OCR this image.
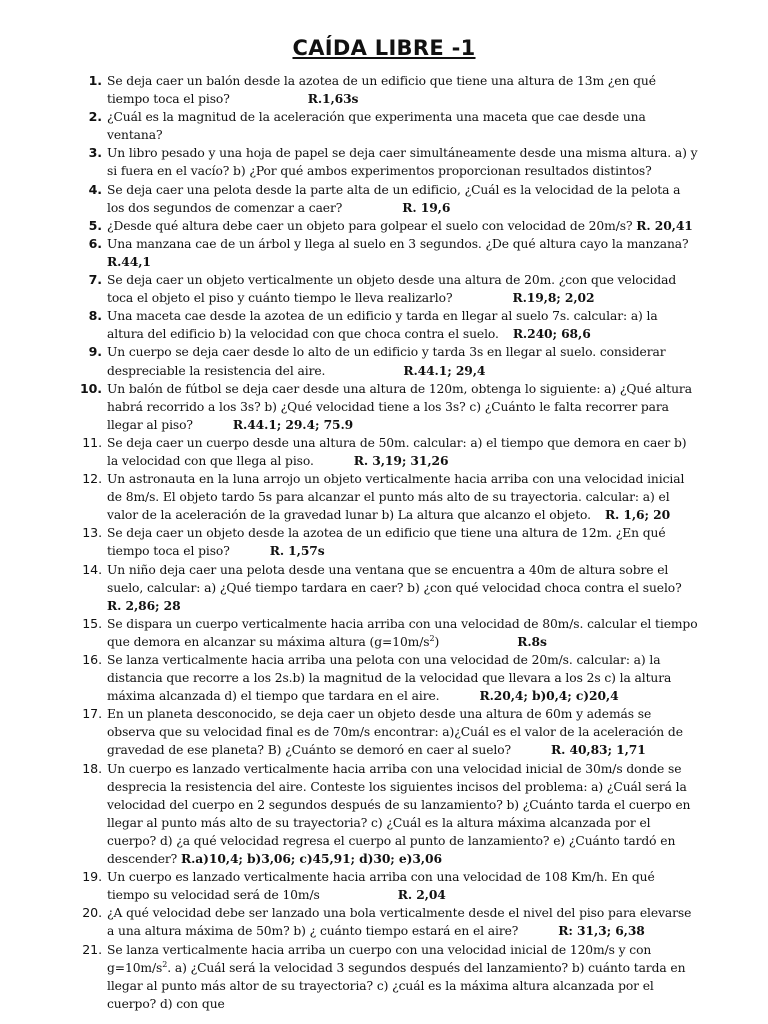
CAÍDA LIBRE -1
1. Se deja caer un balón desde la azotea de un edificio que tiene una altura de 13m ¿en qué tiempo toca el piso?	R.1,63s
2. ¿Cuál es la magnitud de la aceleración que experimenta una maceta que cae desde una ventana?
3. Un libro pesado y una hoja de papel se deja caer simultáneamente desde una misma altura. a) y si fuera en el vacío? b) ¿Por qué ambos experimentos proporcionan resultados distintos?
4. Se deja caer una pelota desde la parte alta de un edificio, ¿Cuál es la velocidad de la pelota a los dos segundos de comenzar a caer?	R. 19,6
5. ¿Desde qué altura debe caer un objeto para golpear el suelo con velocidad de 20m/s? R. 20,41
6. Una manzana cae de un árbol y llega al suelo en 3 segundos. ¿De qué altura cayo la manzana? R.44,1
7. Se deja caer un objeto verticalmente un objeto desde una altura de 20m. ¿con que velocidad toca el objeto el piso y cuánto tiempo le lleva realizarlo?	R.19,8; 2,02
8. Una maceta cae desde la azotea de un edificio y tarda en llegar al suelo 7s. calcular: a) la altura del edificio b) la velocidad con que choca contra el suelo. R.240; 68,6
9. Un cuerpo se deja caer desde lo alto de un edificio y tarda 3s en llegar al suelo. considerar despreciable la resistencia del aire.	R.44.1; 29,4
10. Un balón de fútbol se deja caer desde una altura de 120m, obtenga lo siguiente: a) ¿Qué altura habrá recorrido a los 3s? b) ¿Qué velocidad tiene a los 3s? c) ¿Cuánto le falta recorrer para llegar al piso?	R.44.1; 29.4; 75.9
11. Se deja caer un cuerpo desde una altura de 50m. calcular: a) el tiempo que demora en caer b) la velocidad con que llega al piso.	R. 3,19; 31,26
12. Un astronauta en la luna arrojo un objeto verticalmente hacia arriba con una velocidad inicial de 8m/s. El objeto tardo 5s para alcanzar el punto más alto de su trayectoria. calcular: a) el valor de la aceleración de la gravedad lunar b) La altura que alcanzo el objeto. R. 1,6; 20
13. Se deja caer un objeto desde la azotea de un edificio que tiene una altura de 12m. ¿En qué tiempo toca el piso?	R. 1,57s
14. Un niño deja caer una pelota desde una ventana que se encuentra a 40m de altura sobre el suelo, calcular: a) ¿Qué tiempo tardara en caer? b) ¿con qué velocidad choca contra el suelo? R. 2,86; 28
15. Se dispara un cuerpo verticalmente hacia arriba con una velocidad de 80m/s. calcular el tiempo que demora en alcanzar su máxima altura $(g=10m/s^2)$	R.8s
16. Se lanza verticalmente hacia arriba una pelota con una velocidad de 20m/s. calcular: a) la distancia que recorre a los 2s.b) la magnitud de la velocidad que llevara a los 2s c) la altura máxima alcanzada d) el tiempo que tardara en el aire.	R.20,4; b)0,4; c)20,4
17. En un planeta desconocido, se deja caer un objeto desde una altura de 60m y además se observa que su velocidad final es de 70m/s encontrar: a)¿Cuál es el valor de la aceleración de gravedad de ese planeta? B) ¿Cuánto se demoró en caer al suelo?	R. 40,83; 1,71
18. Un cuerpo es lanzado verticalmente hacia arriba con una velocidad inicial de 30m/s donde se desprecia la resistencia del aire. Conteste los siguientes incisos del problema: a) ¿Cuál será la velocidad del cuerpo en 2 segundos después de su lanzamiento? b) ¿Cuánto tarda el cuerpo en llegar al punto más alto de su trayectoria? c) ¿Cuál es la altura máxima alcanzada por el cuerpo? d) ¿a qué velocidad regresa el cuerpo al punto de lanzamiento? e) ¿Cuánto tardó en descender? R.a)10,4; b)3,06; c)45,91; d)30; e)3,06
19. Un cuerpo es lanzado verticalmente hacia arriba con una velocidad de 108 Km/h. En qué tiempo su velocidad será de 10m/s	R. 2,04
20. ¿A qué velocidad debe ser lanzado una bola verticalmente desde el nivel del piso para elevarse a una altura máxima de 50m? b) ¿ cuánto tiempo estará en el aire?	R: 31,3; 6,38
21. Se lanza verticalmente hacia arriba un cuerpo con una velocidad inicial de 120m/s y con $g=10m/s^2$. a) ¿Cuál será la velocidad 3 segundos después del lanzamiento? b) cuánto tarda en llegar al punto más altor de su trayectoria? c) ¿cuál es la máxima altura alcanzada por el cuerpo? d) con que
